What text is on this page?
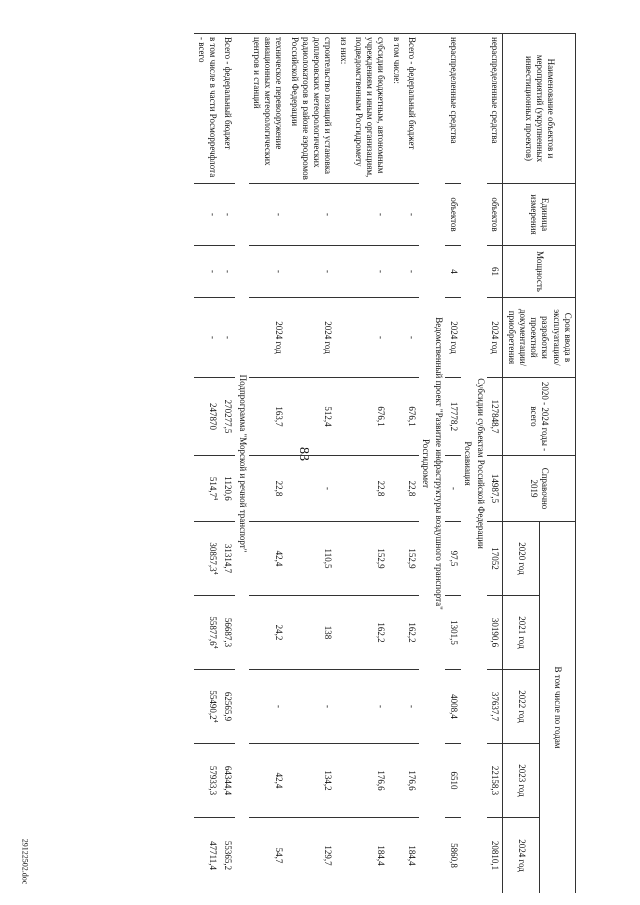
83
Наименование объектов и мероприятий (укрупненных инвестиционных проектов)	Единица измерения	Мощность	Срок ввода в эксплуатацию/ разработки проектной документации/ приобретения	2020 - 2024 годы - всего	Справочно 2019	В том числе по годам				
						2020 год	2021 год	2022 год	2023 год	2024 год
нераспределенные средства	объектов	61	2024 год	127848,7	14987,5	17052	30190,6	37637,7	22158,3	20810,1
Субсидии субъектам Российской Федерации										
Росавиация										
нераспределенные средства	объектов	4	2024 год	17778,2	-	97,5	1301,5	4008,4	6510	5860,8
Ведомственный проект "Развитие инфраструктуры воздушного транспорта"										
Росгидромет										
Всего - федеральный бюджет	-	-	-	676,1	22,8	152,9	162,2	-	176,6	184,4
в том числе:										
субсидии бюджетным, автономным учреждениям и иным организациям, подведомственным Росгидромету	-	-	-	676,1	22,8	152,9	162,2	-	176,6	184,4
из них:										
строительство позиций и установка доплеровских метеорологических радиолокаторов в районе аэродромов Российской Федерации	-	-	2024 год	512,4	-	110,5	138	-	134,2	129,7
техническое перевооружение авиационных метеорологических центров и станций	-	-	2024 год	163,7	22,8	42,4	24,2	-	42,4	54,7
Подпрограмма "Морской и речной транспорт"										
Всего - федеральный бюджет	-	-	-	270277,5	1120,6	31314,7	56687,3	62565,9	64344,4	55365,2
в том числе в части Росморречфлота - всего	-	-	-	247870	514,7$^4$	30857,3$^4$	55877,6$^4$	55490,2$^4$	57933,3	47711,4
29122502.doc
